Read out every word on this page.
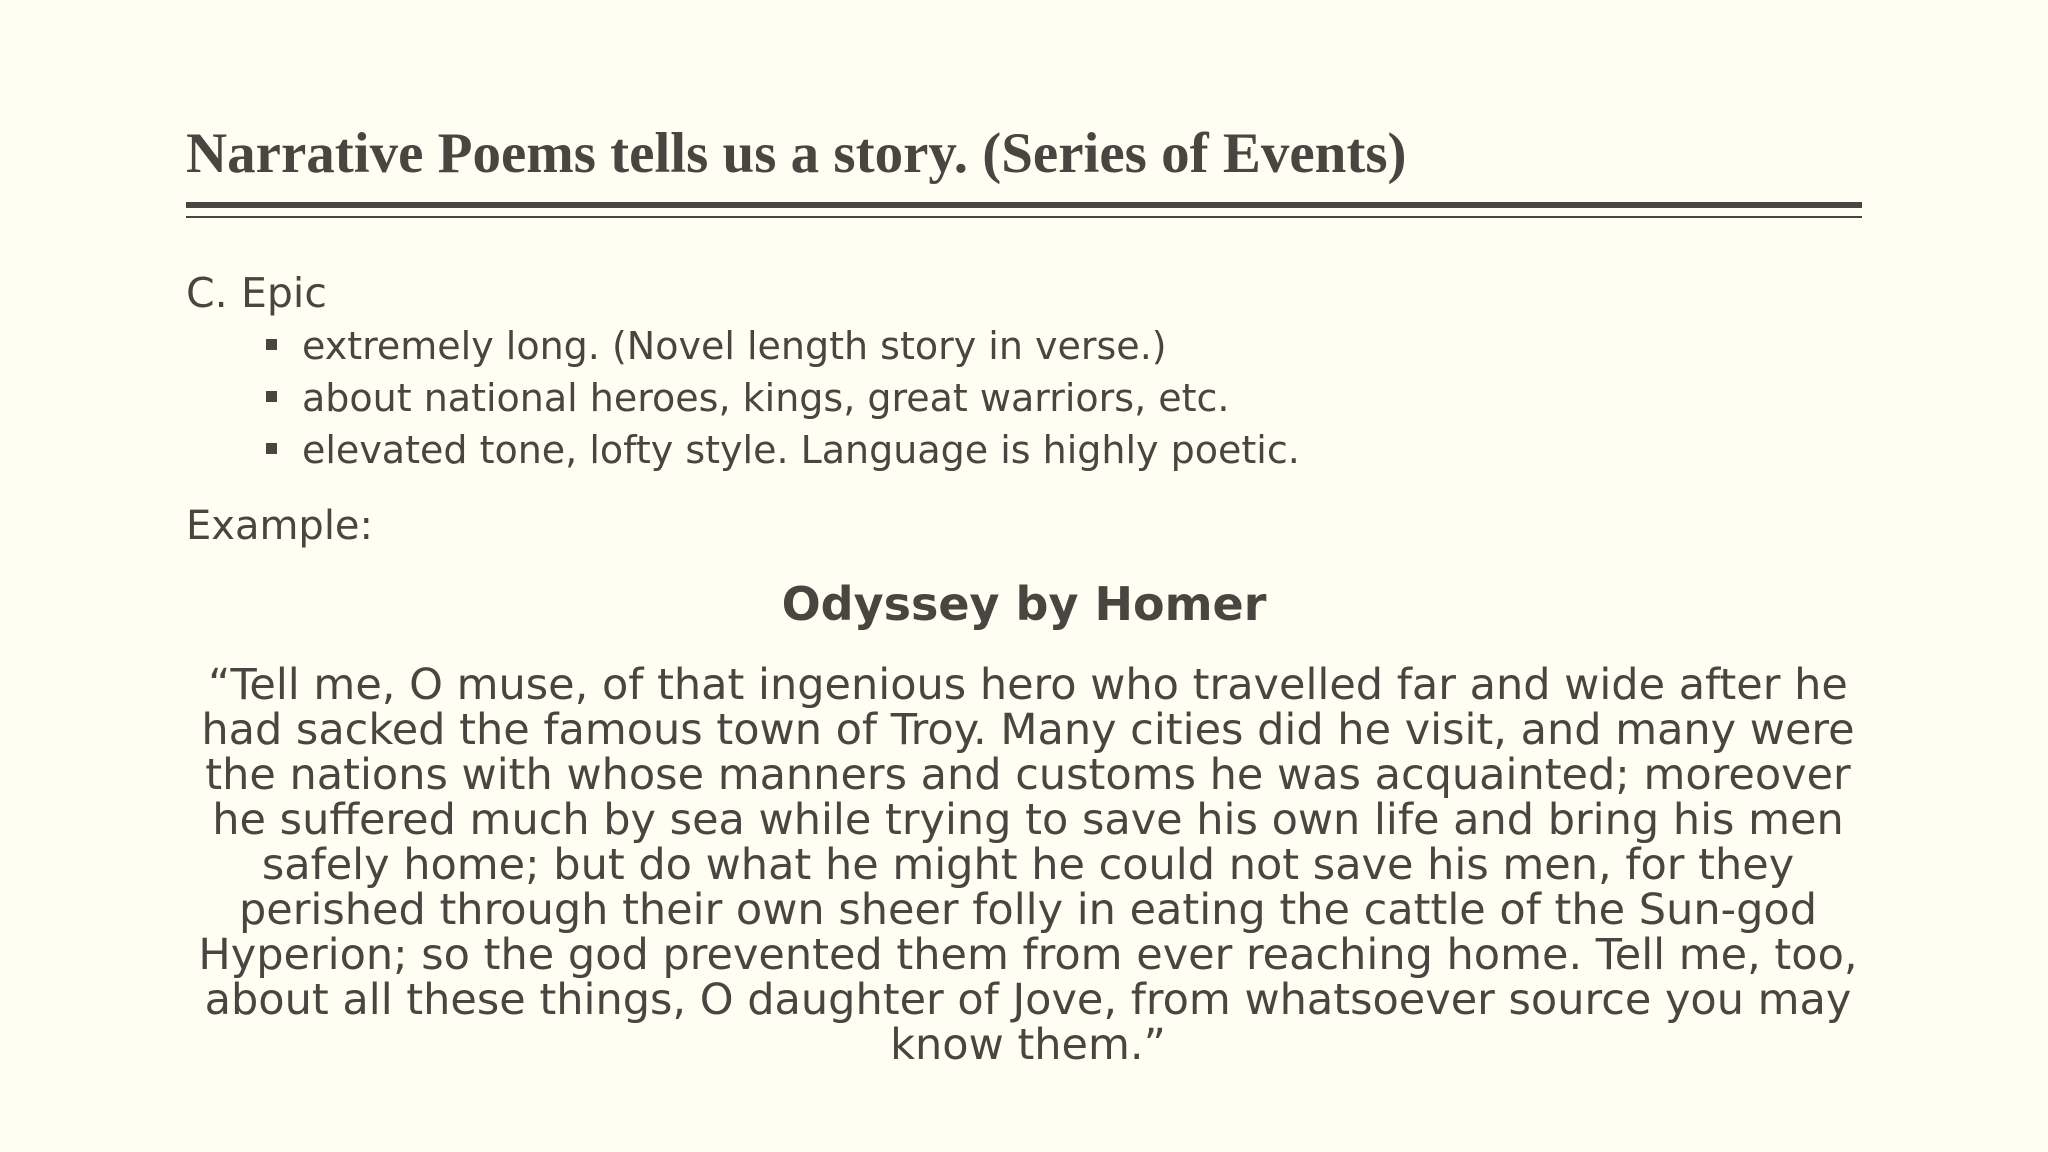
Narrative Poems tells us a story. (Series of Events)
C. Epic
extremely long. (Novel length story in verse.)
about national heroes, kings, great warriors, etc.
elevated tone, lofty style. Language is highly poetic.
Example:
Odyssey by Homer

“Tell me, O muse, of that ingenious hero who travelled far and wide after he had sacked the famous town of Troy. Many cities did he visit, and many were the nations with whose manners and customs he was acquainted; moreover he suffered much by sea while trying to save his own life and bring his men safely home; but do what he might he could not save his men, for they perished through their own sheer folly in eating the cattle of the Sun-god Hyperion; so the god prevented them from ever reaching home. Tell me, too, about all these things, O daughter of Jove, from whatsoever source you may know them.”
